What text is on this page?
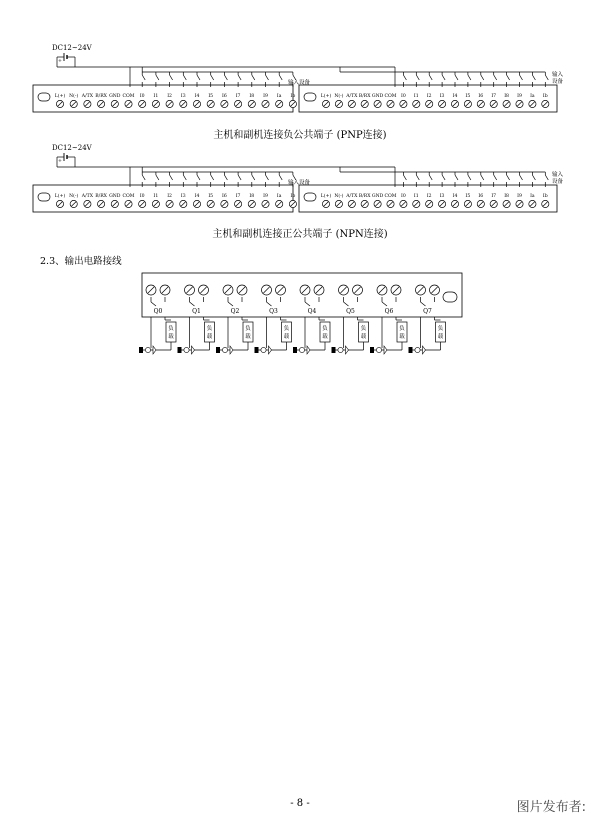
DC12~24V
+
L(+) N(-) A/TX B/RX GND COM I0 I1 I2 I3 I4 I5 I6 I7 I8 I9 Ia Ib	L(+) N(-) A/TX B/RX GND COM I0 I1 I2 I3 I4 I5 I6 I7 I8 I9 Ia Ib
输入设备
输入
设备
DC12~24V
+
L(+) N(-) A/TX B/RX GND COM I0 I1 I2 I3 I4 I5 I6 I7 I8 I9 Ia Ib	L(+) N(-) A/TX B/RX GND COM I0 I1 I2 I3 I4 I5 I6 I7 I8 I9 Ia Ib
输入设备
输入
设备
Q0
负
载
Q1
负
载
Q2
负
载
Q3
负
载
Q4
负
载
Q5
负
载
Q6
负
载
Q7
负
载
主机和副机连接负公共端子 (PNP连接)
主机和副机连接正公共端子 (NPN连接)
2.3、输出电路接线
- 8 -	图片发布者:
